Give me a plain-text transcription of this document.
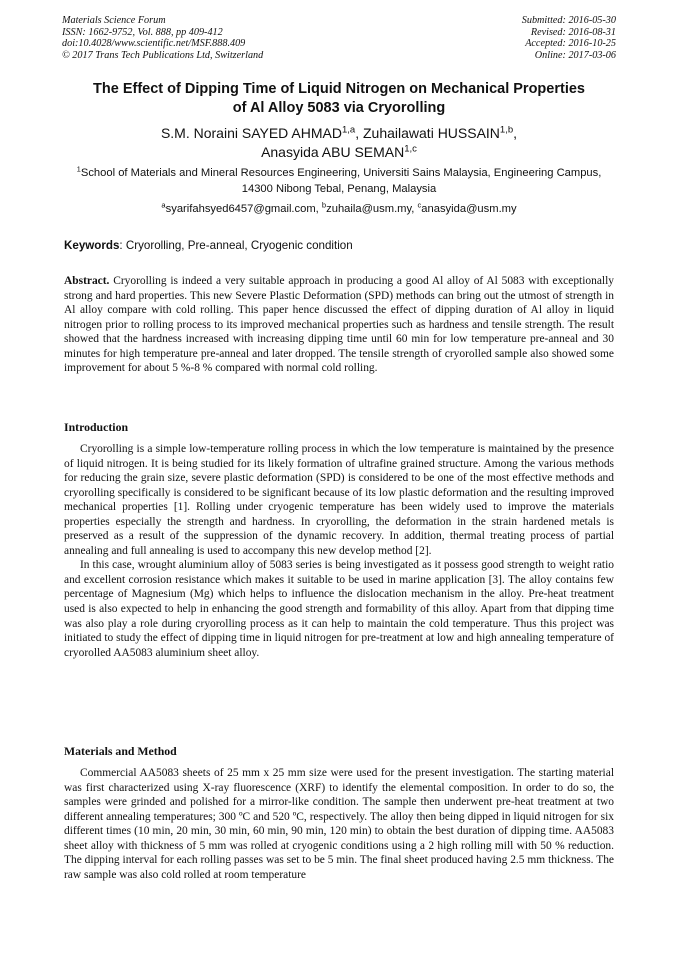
Materials Science Forum
ISSN: 1662-9752, Vol. 888, pp 409-412
doi:10.4028/www.scientific.net/MSF.888.409
© 2017 Trans Tech Publications Ltd, Switzerland
Submitted: 2016-05-30
Revised: 2016-08-31
Accepted: 2016-10-25
Online: 2017-03-06
The Effect of Dipping Time of Liquid Nitrogen on Mechanical Properties
of Al Alloy 5083 via Cryorolling
S.M. Noraini SAYED AHMAD$^{1,a}$, Zuhailawati HUSSAIN$^{1,b}$,
Anasyida ABU SEMAN$^{1,c}$
$^1$School of Materials and Mineral Resources Engineering, Universiti Sains Malaysia, Engineering Campus, 14300 Nibong Tebal, Penang, Malaysia
$^a$syarifahsyed6457@gmail.com, $^b$zuhaila@usm.my, $^c$anasyida@usm.my
Keywords: Cryorolling, Pre-anneal, Cryogenic condition

Abstract. Cryorolling is indeed a very suitable approach in producing a good Al alloy of Al 5083 with exceptionally strong and hard properties. This new Severe Plastic Deformation (SPD) methods can bring out the utmost of strength in Al alloy compare with cold rolling. This paper hence discussed the effect of dipping duration of Al alloy in liquid nitrogen prior to rolling process to its improved mechanical properties such as hardness and tensile strength. The result showed that the hardness increased with increasing dipping time until 60 min for low temperature pre-anneal and 30 minutes for high temperature pre-anneal and later dropped. The tensile strength of cryorolled sample also showed some improvement for about 5 %-8 % compared with normal cold rolling.

Introduction

Cryorolling is a simple low-temperature rolling process in which the low temperature is maintained by the presence of liquid nitrogen. It is being studied for its likely formation of ultrafine grained structure. Among the various methods for reducing the grain size, severe plastic deformation (SPD) is considered to be one of the most effective methods and cryorolling specifically is considered to be significant because of its low plastic deformation and the resulting improved mechanical properties [1]. Rolling under cryogenic temperature has been widely used to improve the materials properties especially the strength and hardness. In cryorolling, the deformation in the strain hardened metals is preserved as a result of the suppression of the dynamic recovery. In addition, thermal treating process of partial annealing and full annealing is used to accompany this new develop method [2].

In this case, wrought aluminium alloy of 5083 series is being investigated as it possess good strength to weight ratio and excellent corrosion resistance which makes it suitable to be used in marine application [3]. The alloy contains few percentage of Magnesium (Mg) which helps to influence the dislocation mechanism in the alloy. Pre-heat treatment used is also expected to help in enhancing the good strength and formability of this alloy. Apart from that dipping time was also play a role during cryorolling process as it can help to maintain the cold temperature. Thus this project was initiated to study the effect of dipping time in liquid nitrogen for pre-treatment at low and high annealing temperature of cryorolled AA5083 aluminium sheet alloy.

Materials and Method

Commercial AA5083 sheets of 25 mm x 25 mm size were used for the present investigation. The starting material was first characterized using X-ray fluorescence (XRF) to identify the elemental composition. In order to do so, the samples were grinded and polished for a mirror-like condition. The sample then underwent pre-heat treatment at two different annealing temperatures; 300 ºC and 520 ºC, respectively. The alloy then being dipped in liquid nitrogen for six different times (10 min, 20 min, 30 min, 60 min, 90 min, 120 min) to obtain the best duration of dipping time. AA5083 sheet alloy with thickness of 5 mm was rolled at cryogenic conditions using a 2 high rolling mill with 50 % reduction. The dipping interval for each rolling passes was set to be 5 min. The final sheet produced having 2.5 mm thickness. The raw sample was also cold rolled at room temperature
